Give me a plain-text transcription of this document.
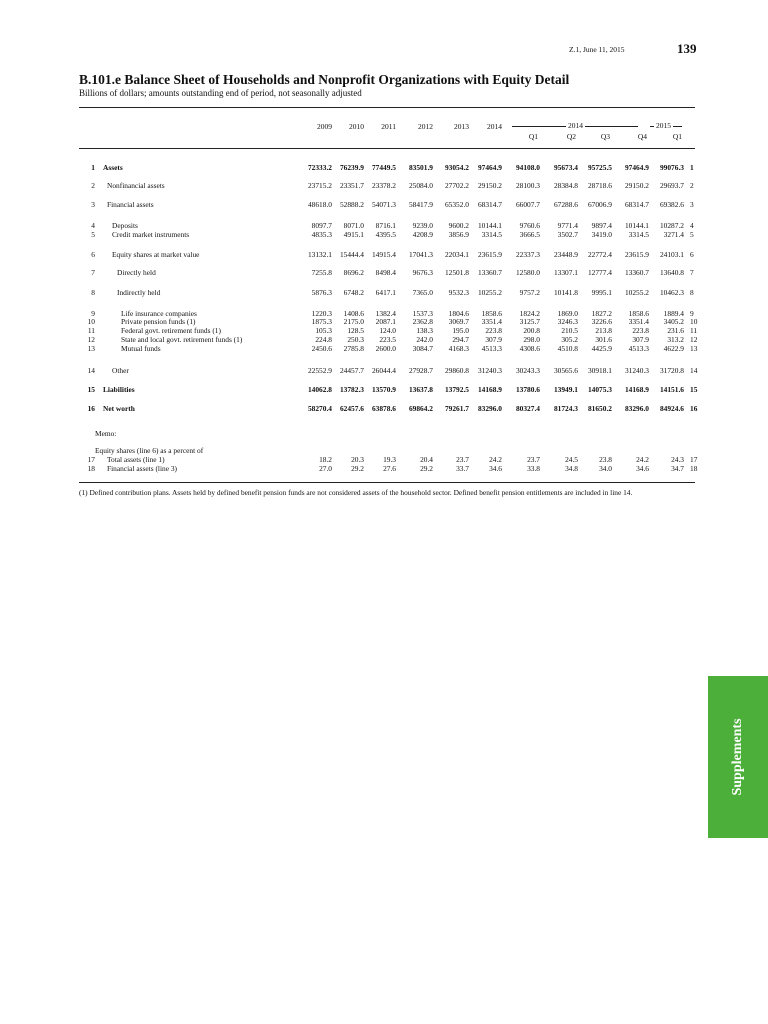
Z.1, June 11, 2015	139
B.101.e Balance Sheet of Households and Nonprofit Organizations with Equity Detail
Billions of dollars; amounts outstanding end of period, not seasonally adjusted
2009	2010	2011	2012	2013	2014
Q1	Q2	Q3	Q4	Q1
2014	2015
1 Assets	72333.2	76239.9	77449.5	83501.9	93054.2	97464.9	94108.0	95673.4	95725.5	97464.9	99076.3 1
2 Nonfinancial assets	23715.2	23351.7	23378.2	25084.0	27702.2	29150.2	28100.3	28384.8	28718.6	29150.2	29693.7 2
3 Financial assets	48618.0	52888.2	54071.3	58417.9	65352.0	68314.7	66007.7	67288.6	67006.9	68314.7	69382.6 3
4 Deposits	8097.7	8071.0	8716.1	9239.0	9600.2	10144.1	9760.6	9771.4	9897.4	10144.1	10287.2 4
5 Credit market instruments	4835.3	4915.1	4395.5	4208.9	3856.9	3314.5	3666.5	3502.7	3419.0	3314.5	3271.4 5
6 Equity shares at market value	13132.1	15444.4	14915.4	17041.3	22034.1	23615.9	22337.3	23448.9	22772.4	23615.9	24103.1 6
7	Directly held	7255.8	8696.2	8498.4	9676.3	12501.8	13360.7	12580.0	13307.1	12777.4	13360.7	13640.8 7
8	Indirectly held	5876.3	6748.2	6417.1	7365.0	9532.3	10255.2	9757.2	10141.8	9995.1	10255.2	10462.3 8
9	Life insurance companies	1220.3	1408.6	1382.4	1537.3	1804.6	1858.6	1824.2	1869.0	1827.2	1858.6	1889.4 9
10	Private pension funds (1)	1875.3	2175.0	2087.1	2362.8	3069.7	3351.4	3125.7	3246.3	3226.6	3351.4	3405.2 10
11	Federal govt. retirement funds (1)	105.3	128.5	124.0	138.3	195.0	223.8	200.8	210.5	213.8	223.8	231.6 11
12	State and local govt. retirement funds (1)	224.8	250.3	223.5	242.0	294.7	307.9	298.0	305.2	301.6	307.9	313.2 12
13	Mutual funds	2450.6	2785.8	2600.0	3084.7	4168.3	4513.3	4308.6	4510.8	4425.9	4513.3	4622.9 13
14 Other	22552.9	24457.7	26044.4	27928.7	29860.8	31240.3	30243.3	30565.6	30918.1	31240.3	31720.8 14
15 Liabilities	14062.8	13782.3	13570.9	13637.8	13792.5	14168.9	13780.6	13949.1	14075.3	14168.9	14151.6 15
16 Net worth	58270.4	62457.6	63878.6	69864.2	79261.7	83296.0	80327.4	81724.3	81650.2	83296.0	84924.6 16
17 Total assets (line 1)	18.2	20.3	19.3	20.4	23.7	24.2	23.7	24.5	23.8	24.2	24.3 17
18 Financial assets (line 3)	27.0	29.2	27.6	29.2	33.7	34.6	33.8	34.8	34.0	34.6	34.7 18
Memo:
Equity shares (line 6) as a percent of
(1) Defined contribution plans. Assets held by defined benefit pension funds are not considered assets of the household sector. Defined benefit pension entitlements are included in line 14.
Supplements
